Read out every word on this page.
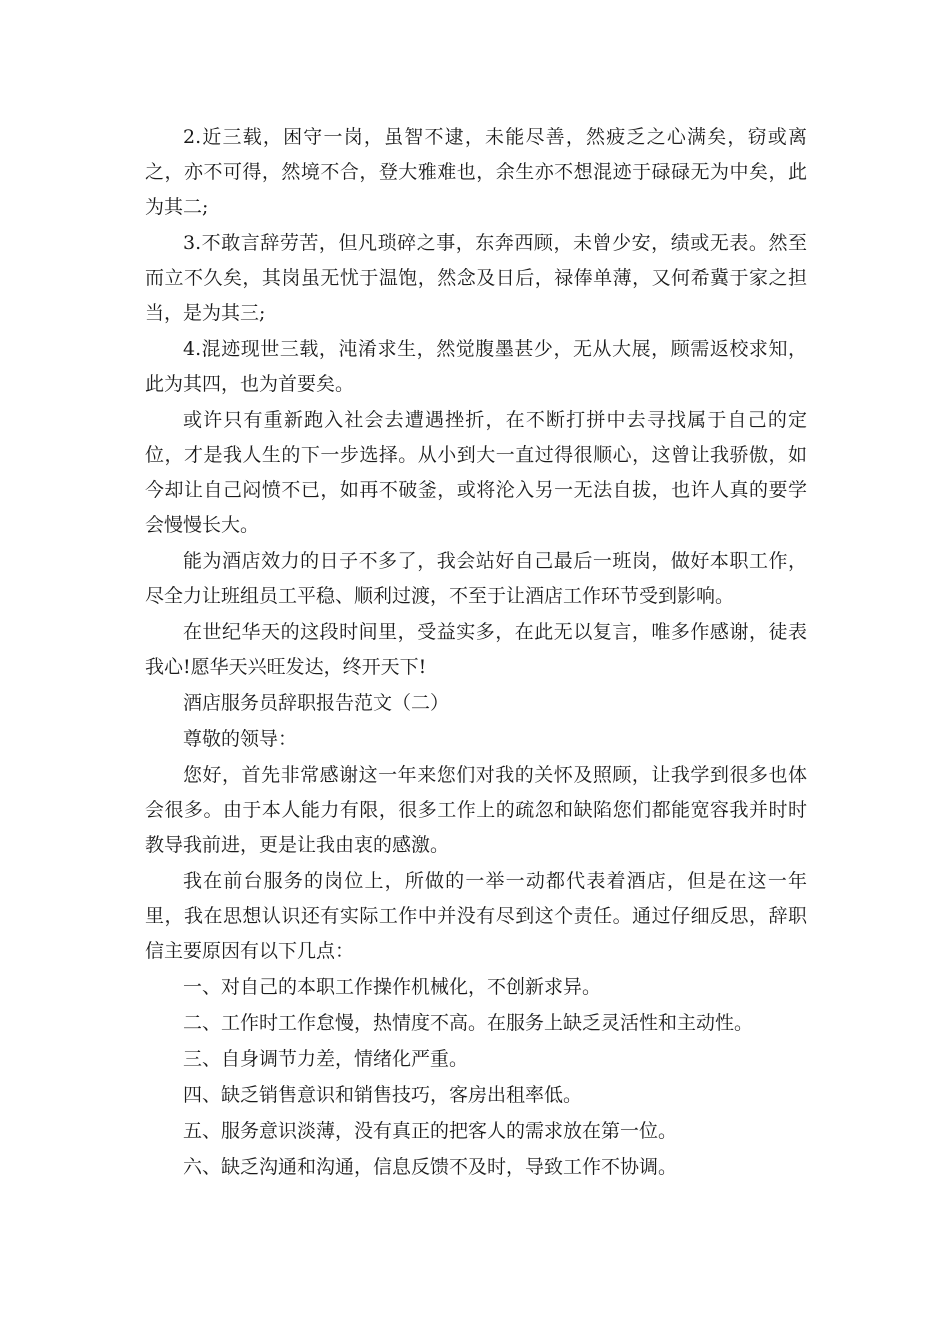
2.近三载，困守一岗，虽智不逮，未能尽善，然疲乏之心满矣，窃或离之，亦不可得，然境不合，登大雅难也，余生亦不想混迹于碌碌无为中矣，此为其二;

3.不敢言辞劳苦，但凡琐碎之事，东奔西顾，未曾少安，绩或无表。然至而立不久矣，其岗虽无忧于温饱，然念及日后，禄俸单薄，又何希冀于家之担当，是为其三;

4.混迹现世三载，沌淆求生，然觉腹墨甚少，无从大展，顾需返校求知，此为其四，也为首要矣。

或许只有重新跑入社会去遭遇挫折，在不断打拼中去寻找属于自己的定位，才是我人生的下一步选择。从小到大一直过得很顺心，这曾让我骄傲，如今却让自己闷愤不已，如再不破釜，或将沦入另一无法自拔，也许人真的要学会慢慢长大。

能为酒店效力的日子不多了，我会站好自己最后一班岗，做好本职工作，尽全力让班组员工平稳、顺利过渡，不至于让酒店工作环节受到影响。

在世纪华天的这段时间里，受益实多，在此无以复言，唯多作感谢，徒表我心!愿华天兴旺发达，终开天下!

酒店服务员辞职报告范文（二）

尊敬的领导：

您好，首先非常感谢这一年来您们对我的关怀及照顾，让我学到很多也体会很多。由于本人能力有限，很多工作上的疏忽和缺陷您们都能宽容我并时时教导我前进，更是让我由衷的感激。

我在前台服务的岗位上，所做的一举一动都代表着酒店，但是在这一年里，我在思想认识还有实际工作中并没有尽到这个责任。通过仔细反思，辞职信主要原因有以下几点：

一、对自己的本职工作操作机械化，不创新求异。

二、工作时工作怠慢，热情度不高。在服务上缺乏灵活性和主动性。

三、自身调节力差，情绪化严重。

四、缺乏销售意识和销售技巧，客房出租率低。

五、服务意识淡薄，没有真正的把客人的需求放在第一位。

六、缺乏沟通和沟通，信息反馈不及时，导致工作不协调。
